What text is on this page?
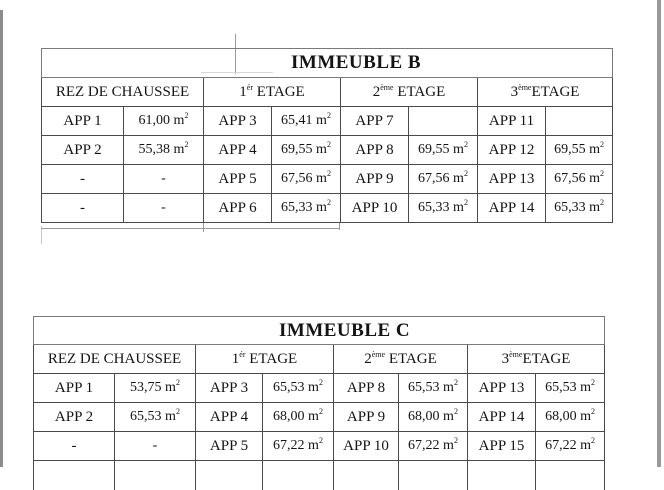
IMMEUBLE B							
REZ DE CHAUSSEE		$1^{ér}$ ETAGE		2ème ETAGE		3èmeETAGE	
APP 1	61,00 $m^2$	APP 3	65,41 $m^2$	APP 7		APP 11	
APP 2	55,38 $m^2$	APP 4	69,55 $m^2$	APP 8	69,55 $m^2$	APP 12	69,55 $m^2$
-	-	APP 5	67,56 $m^2$	APP 9	67,56 $m^2$	APP 13	67,56 $m^2$
-	-	APP 6	65,33 $m^2$	APP 10	65,33 $m^2$	APP 14	65,33 $m^2$
IMMEUBLE C							
REZ DE CHAUSSEE		$1^{ér}$ ETAGE		2ème ETAGE		3èmeETAGE	
APP 1	53,75 $m^2$	APP 3	65,53 $m^2$	APP 8	65,53 $m^2$	APP 13	65,53 $m^2$
APP 2	65,53 $m^2$	APP 4	68,00 $m^2$	APP 9	68,00 $m^2$	APP 14	68,00 $m^2$
-	-	APP 5	67,22 $m^2$	APP 10	67,22 $m^2$	APP 15	67,22 $m^2$
